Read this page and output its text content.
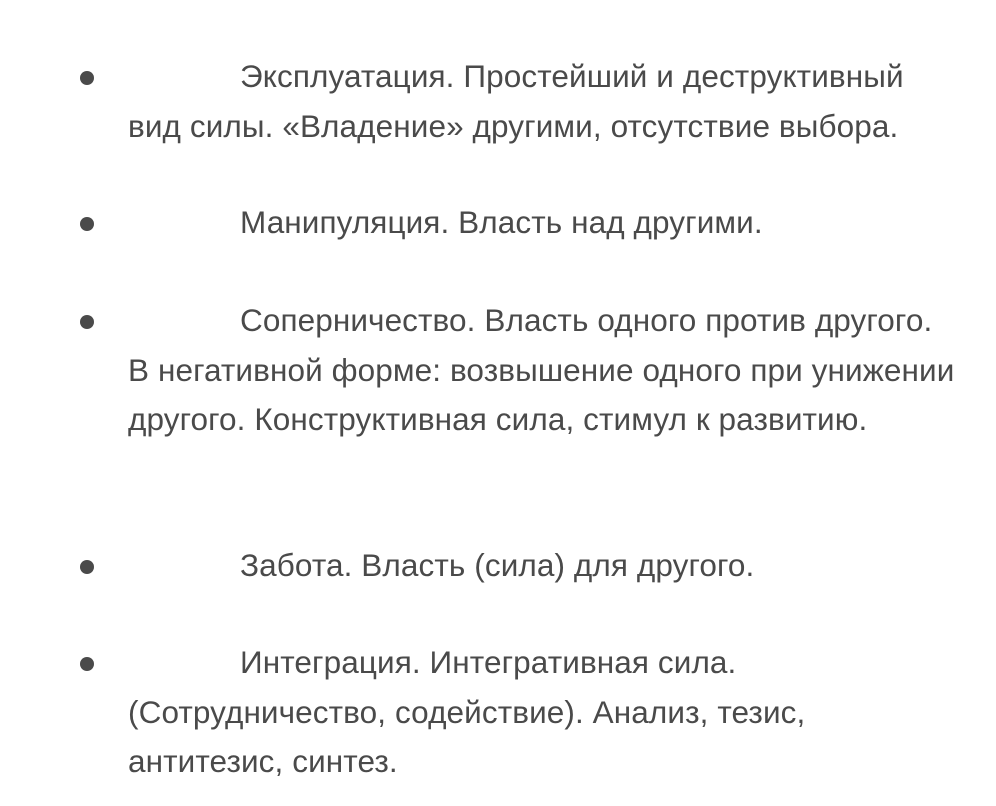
Эксплуатация. Простейший и деструктивный вид силы. «Владение» другими, отсутствие выбора.
Манипуляция. Власть над другими.
Соперничество. Власть одного против другого. В негативной форме: возвышение одного при унижении другого. Конструктивная сила, стимул к развитию.
Забота. Власть (сила) для другого.
Интеграция. Интегративная сила. (Сотрудничество, содействие). Анализ, тезис, антитезис, синтез.
